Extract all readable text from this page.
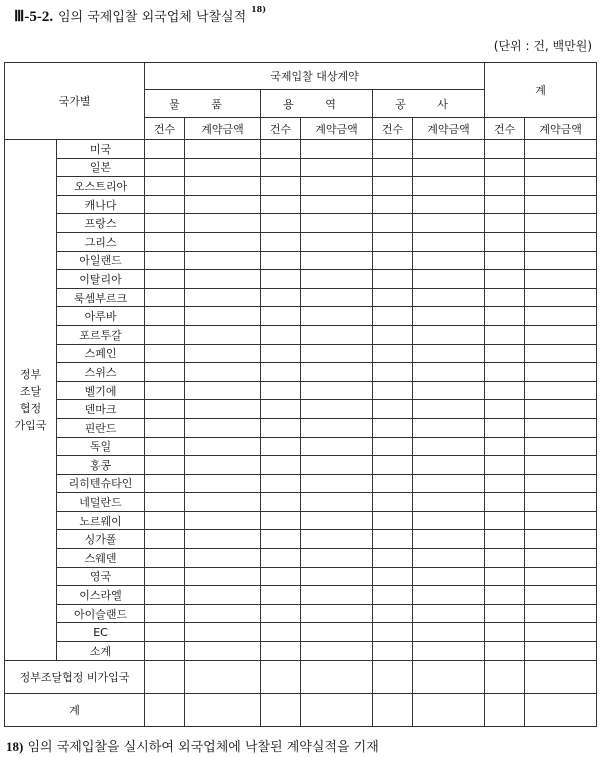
Ⅲ-5-2. 임의 국제입찰 외국업체 낙찰실적 $^{18)}$
(단위 : 건, 백만원)
국가별		국제입찰 대상계약						계	
		물 품		용 역		공 사			
		건수	계약금액	건수	계약금액	건수	계약금액	건수	계약금액

정부
조달
협정
가입국	미국								
	일본								
	오스트리아								
	캐나다								
	프랑스								
	그리스								
	아일랜드								
	이탈리아								
	룩셈부르크								
	아루바								
	포르투갈								
	스페인								
	스위스								
	벨기에								
	덴마크								
	핀란드								
	독일								
	홍콩								
	리히텐슈타인								
	네덜란드								
	노르웨이								
	싱가폴								
	스웨덴								
	영국								
	이스라엘								
	아이슬랜드								
	EC								
	소계								
정부조달협정 비가입국									
계									
18) 임의 국제입찰을 실시하여 외국업체에 낙찰된 계약실적을 기재
